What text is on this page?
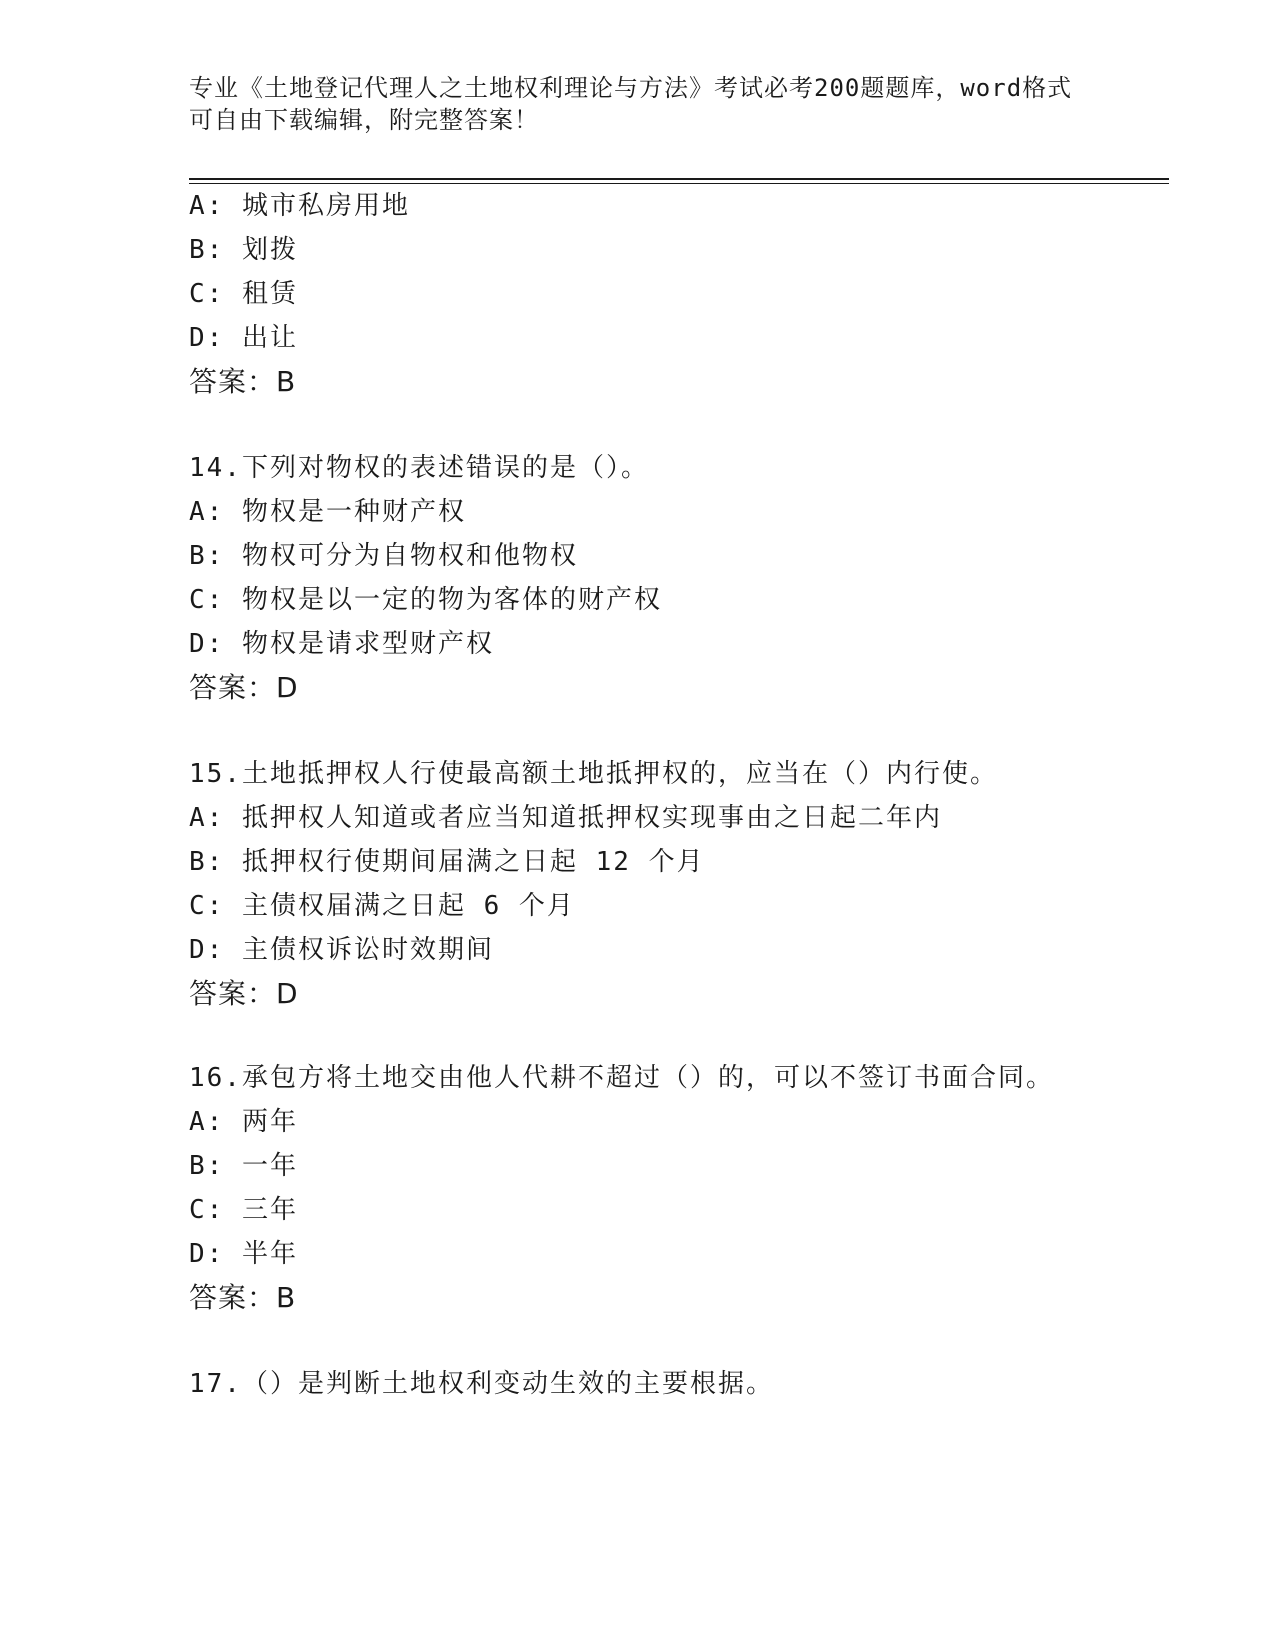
专业《土地登记代理人之土地权利理论与方法》考试必考200题题库，word格式
可自由下载编辑，附完整答案！
A: 城市私房用地
B: 划拨
C: 租赁
D: 出让
答案：B
14.下列对物权的表述错误的是（）。
A: 物权是一种财产权
B: 物权可分为自物权和他物权
C: 物权是以一定的物为客体的财产权
D: 物权是请求型财产权
答案：D
15.土地抵押权人行使最高额土地抵押权的，应当在（）内行使。
A: 抵押权人知道或者应当知道抵押权实现事由之日起二年内
B: 抵押权行使期间届满之日起 12 个月
C: 主债权届满之日起 6 个月
D: 主债权诉讼时效期间
答案：D
16.承包方将土地交由他人代耕不超过（）的，可以不签订书面合同。
A: 两年
B: 一年
C: 三年
D: 半年
答案：B
17.（）是判断土地权利变动生效的主要根据。
